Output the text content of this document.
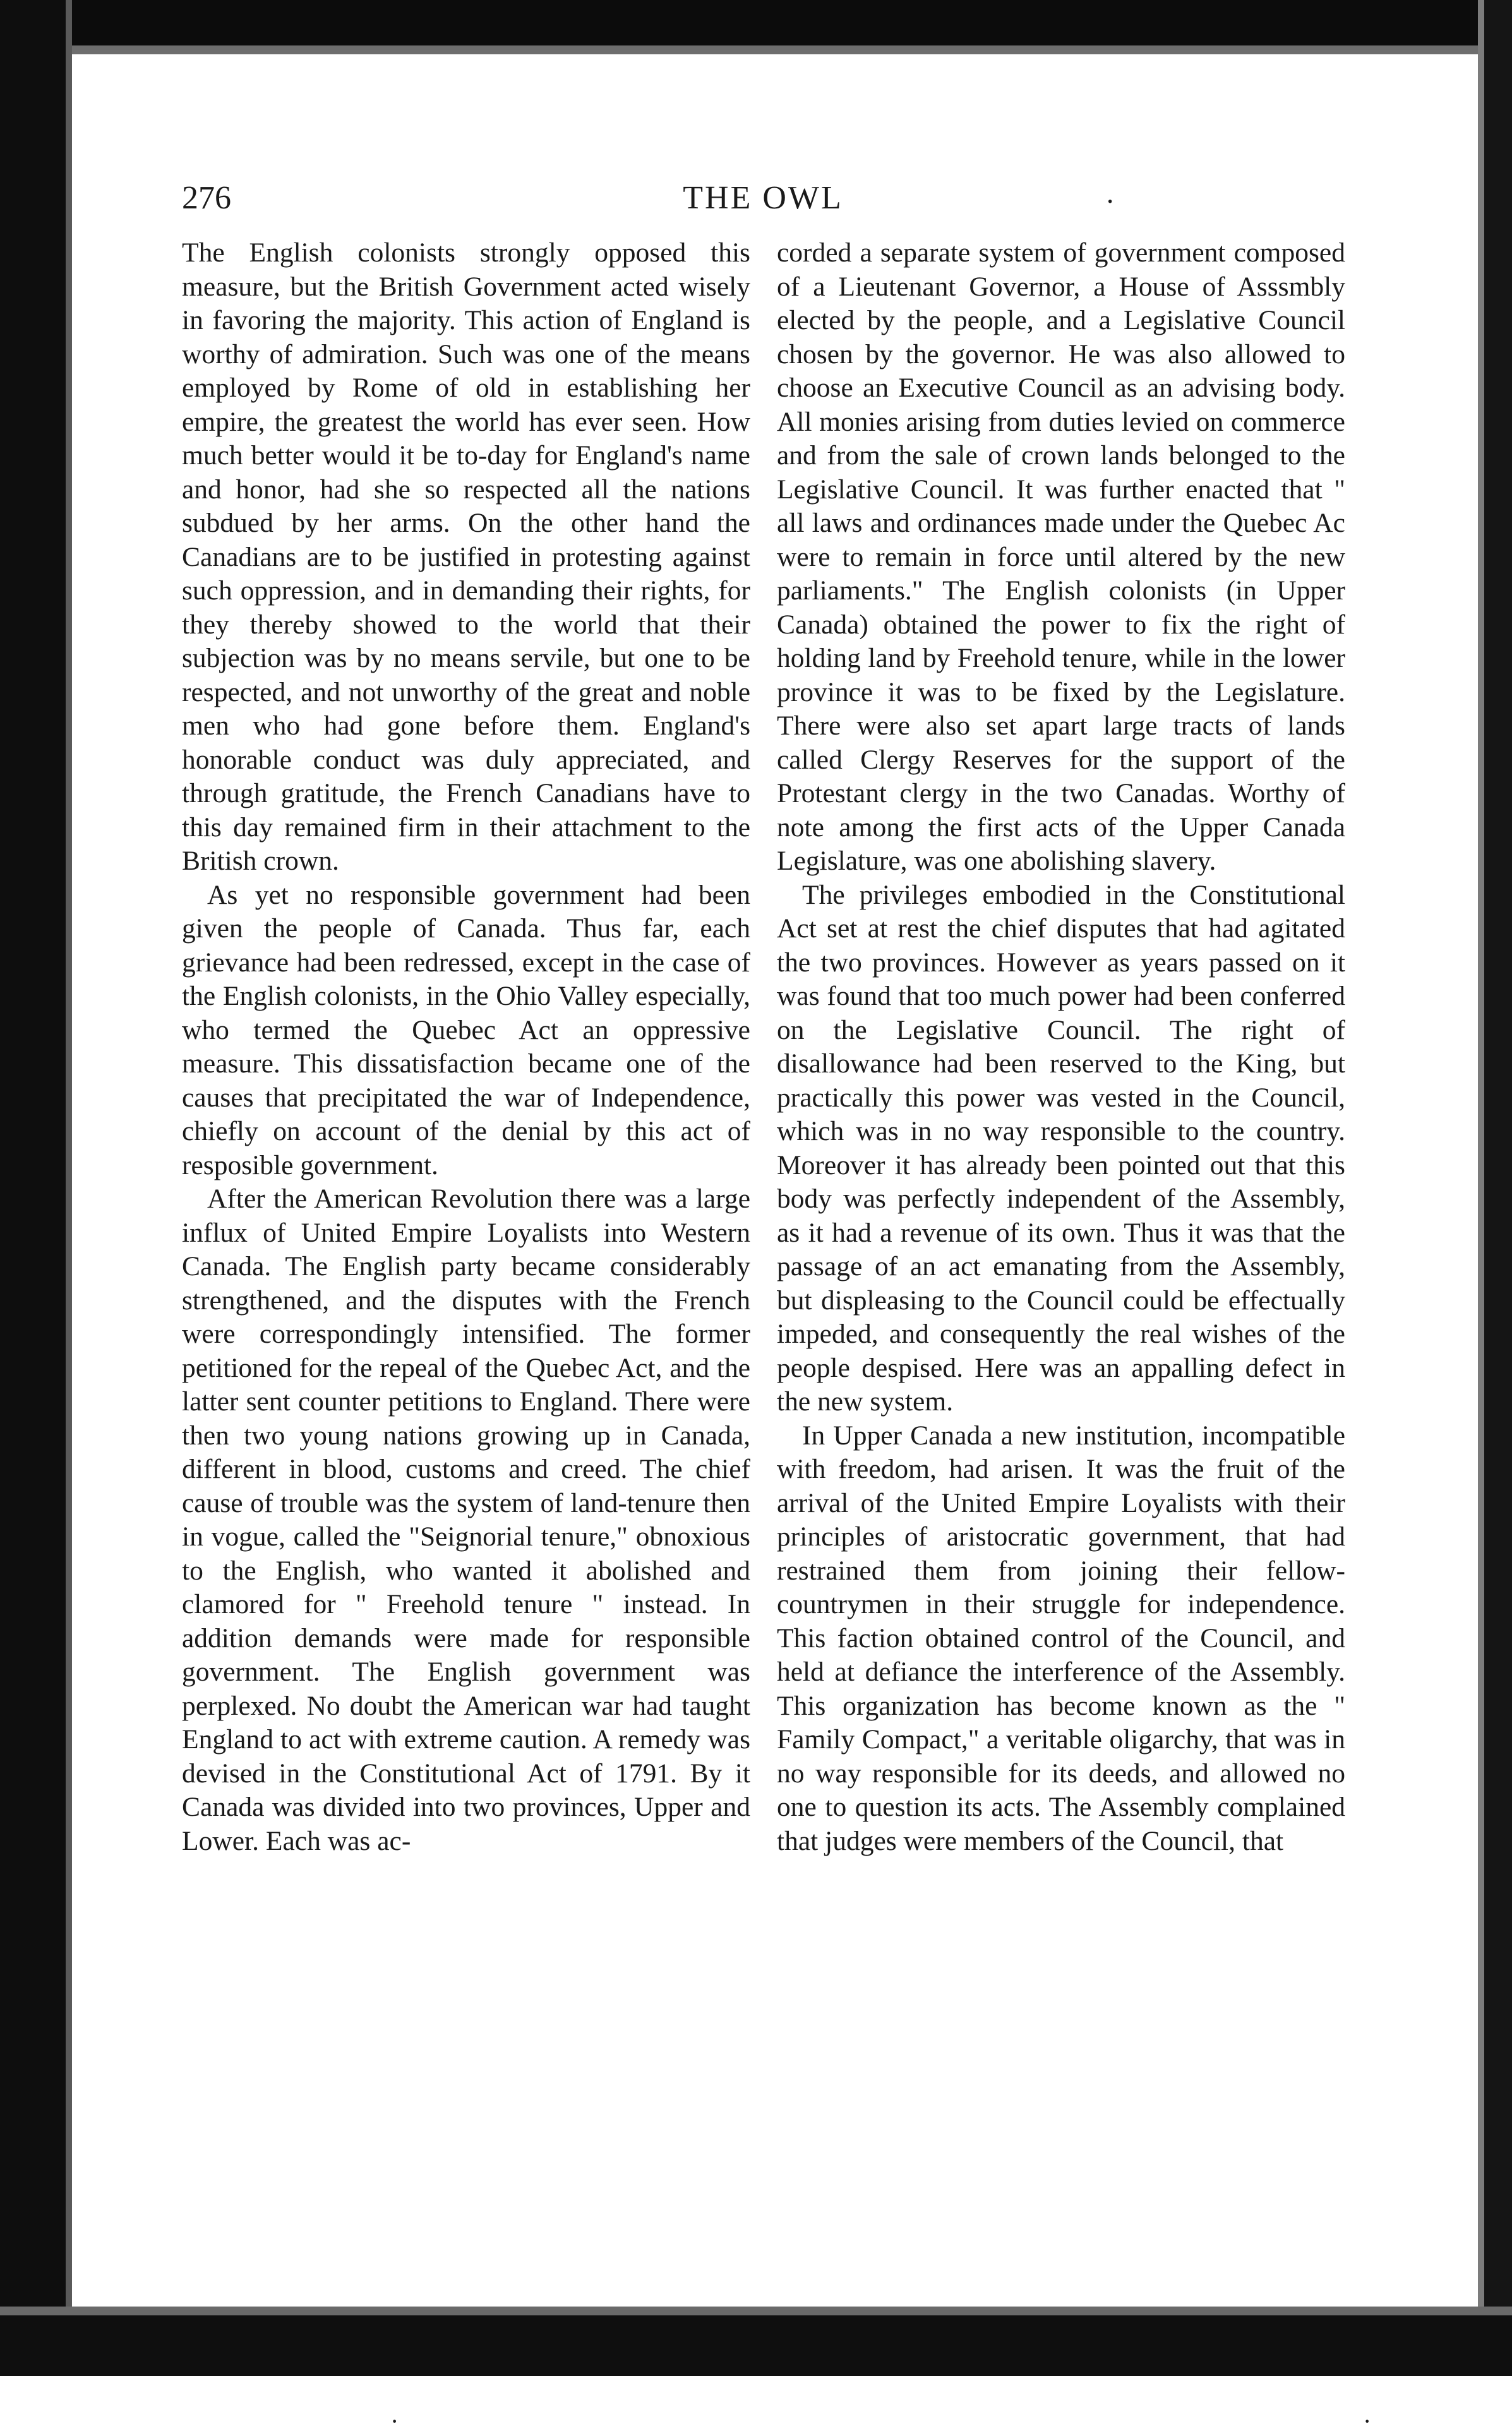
276	THE OWL	·

The English colonists strongly opposed this measure, but the British Government acted wisely in favoring the majority. This action of England is worthy of admiration. Such was one of the means employed by Rome of old in establishing her empire, the greatest the world has ever seen. How much better would it be to-day for England's name and honor, had she so respected all the nations subdued by her arms. On the other hand the Canadians are to be justified in protesting against such oppression, and in demanding their rights, for they thereby showed to the world that their subjection was by no means servile, but one to be respected, and not unworthy of the great and noble men who had gone before them. England's honorable conduct was duly appreciated, and through gratitude, the French Canadians have to this day remained firm in their attachment to the British crown.

As yet no responsible government had been given the people of Canada. Thus far, each grievance had been redressed, except in the case of the English colonists, in the Ohio Valley especially, who termed the Quebec Act an oppressive measure. This dissatisfaction became one of the causes that precipitated the war of Independence, chiefly on account of the denial by this act of resposible government.

After the American Revolution there was a large influx of United Empire Loyalists into Western Canada. The English party became considerably strengthened, and the disputes with the French were correspondingly intensified. The former petitioned for the repeal of the Quebec Act, and the latter sent counter petitions to England. There were then two young nations growing up in Canada, different in blood, customs and creed. The chief cause of trouble was the system of land-tenure then in vogue, called the "Seignorial tenure," obnoxious to the English, who wanted it abolished and clamored for " Freehold tenure " instead. In addition demands were made for responsible government. The English government was perplexed. No doubt the American war had taught England to act with extreme caution. A remedy was devised in the Constitutional Act of 1791. By it Canada was divided into two provinces, Upper and Lower. Each was ac-

corded a separate system of government composed of a Lieutenant Governor, a House of Asssmbly elected by the people, and a Legislative Council chosen by the governor. He was also allowed to choose an Executive Council as an advising body. All monies arising from duties levied on commerce and from the sale of crown lands belonged to the Legislative Council. It was further enacted that " all laws and ordinances made under the Quebec Ac were to remain in force until altered by the new parliaments." The English colonists (in Upper Canada) obtained the power to fix the right of holding land by Freehold tenure, while in the lower province it was to be fixed by the Legislature. There were also set apart large tracts of lands called Clergy Reserves for the support of the Protestant clergy in the two Canadas. Worthy of note among the first acts of the Upper Canada Legislature, was one abolishing slavery.

The privileges embodied in the Constitutional Act set at rest the chief disputes that had agitated the two provinces. However as years passed on it was found that too much power had been conferred on the Legislative Council. The right of disallowance had been reserved to the King, but practically this power was vested in the Council, which was in no way responsible to the country. Moreover it has already been pointed out that this body was perfectly independent of the Assembly, as it had a revenue of its own. Thus it was that the passage of an act emanating from the Assembly, but displeasing to the Council could be effectually impeded, and consequently the real wishes of the people despised. Here was an appalling defect in the new system.

In Upper Canada a new institution, incompatible with freedom, had arisen. It was the fruit of the arrival of the United Empire Loyalists with their principles of aristocratic government, that had restrained them from joining their fellow-countrymen in their struggle for independence. This faction obtained control of the Council, and held at defiance the interference of the Assembly. This organization has become known as the " Family Compact," a veritable oligarchy, that was in no way responsible for its deeds, and allowed no one to question its acts. The Assembly complained that judges were members of the Council, that

·	·
